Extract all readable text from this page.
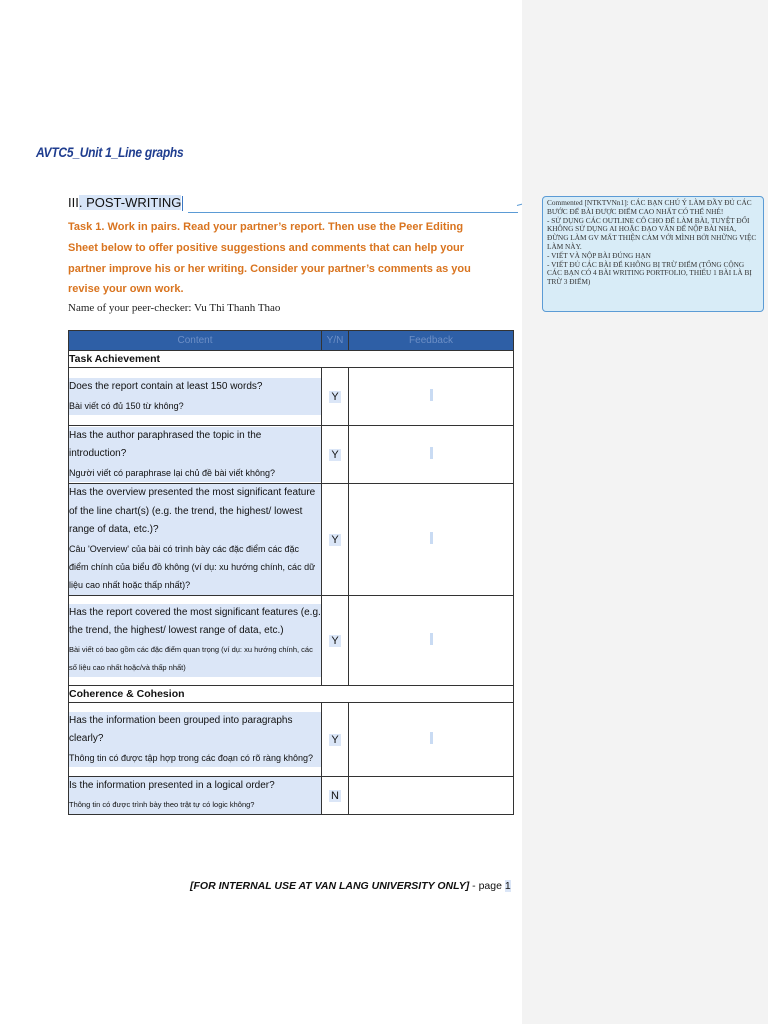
AVTC5_Unit 1_Line graphs
III. POST-WRITING
Task 1. Work in pairs. Read your partner’s report. Then use the Peer Editing Sheet below to offer positive suggestions and comments that can help your partner improve his or her writing. Consider your partner’s comments as you revise your own work.
Name of your peer-checker: Vu Thi Thanh Thao
Content	Y/N	Feedback
Task Achievement		

Does the report contain at least 150 words?
Bài viết có đủ 150 từ không?	Y	

Has the author paraphrased the topic in the introduction?
Người viết có paraphrase lại chủ đề bài viết không?	Y	

Has the overview presented the most significant feature of the line chart(s) (e.g. the trend, the highest/ lowest range of data, etc.)?
Câu 'Overview' của bài có trình bày các đặc điểm các đặc điểm chính của biểu đồ không (ví dụ: xu hướng chính, các dữ liệu cao nhất hoặc thấp nhất)?	Y	

Has the report covered the most significant features (e.g. the trend, the highest/ lowest range of data, etc.)
Bài viết có bao gồm các đặc điểm quan trọng (ví dụ: xu hướng chính, các số liệu cao nhất hoặc/và thấp nhất)	Y	
Coherence & Cohesion		

Has the information been grouped into paragraphs clearly?
Thông tin có được tập hợp trong các đoạn có rõ ràng không?	Y	

Is the information presented in a logical order?
Thông tin có được trình bày theo trật tự có logic không?	N	
[FOR INTERNAL USE AT VAN LANG UNIVERSITY ONLY] - page 1
Commented [NTKTVNn1]: CÁC BẠN CHÚ Ý LÀM ĐẦY ĐỦ CÁC BƯỚC ĐỂ BÀI ĐƯỢC ĐIỂM CAO NHẤT CÓ THỂ NHÉ!
- SỬ DỤNG CÁC OUTLINE CÔ CHO ĐỂ LÀM BÀI, TUYỆT ĐỐI KHÔNG SỬ DỤNG AI HOẶC ĐẠO VĂN ĐỂ NỘP BÀI NHA, ĐỪNG LÀM GV MẤT THIỆN CẢM VỚI MÌNH BỞI NHỮNG VIỆC LÀM NÀY.
- VIẾT VÀ NỘP BÀI ĐÚNG HẠN
- VIẾT ĐỦ CÁC BÀI ĐỂ KHÔNG BỊ TRỪ ĐIỂM (TỔNG CỘNG CÁC BẠN CÓ 4 BÀI WRITING PORTFOLIO, THIẾU 1 BÀI LÀ BỊ TRỪ 3 ĐIỂM)
